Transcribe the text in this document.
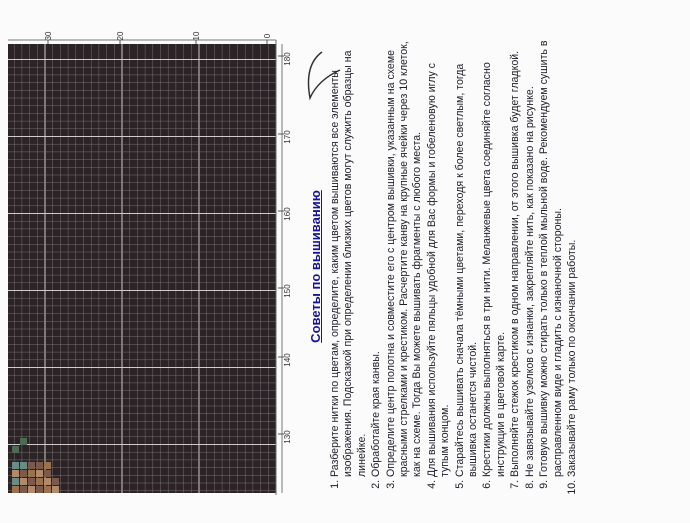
30	20	10	0
180
170
160
150
140
130
Советы по вышиванию 1. Разберите нитки по цветам, определите, каким цветом вышиваются все элементы изображения. Подсказкой при определении близких цветов могут служить образцы на линейке. 2. Обработайте края канвы. 3. Определите центр полотна и совместите его с центром вышивки, указанным на схеме красными стрелками и крестиком. Расчертите канву на крупные ячейки через 10 клеток, как на схеме. Тогда Вы можете вышивать фрагменты с любого места. 4. Для вышивания используйте пяльцы удобной для Вас формы и гобеленовую иглу с тупым концом. 5. Старайтесь вышивать сначала тёмными цветами, переходя к более светлым, тогда вышивка останется чистой. 6. Крестики должны выполняться в три нити. Меланжевые цвета соединяйте согласно инструкции в цветовой карте. 7. Выполняйте стежок крестиком в одном направлении, от этого вышивка будет гладкой. 8. Не завязывайте узелков с изнанки, закрепляйте нить, как показано на рисунке. 9. Готовую вышивку можно стирать только в теплой мыльной воде. Рекомендуем сушить в расправленном виде и гладить с изнаночной стороны. 10. Заказывайте раму только по окончании работы.
